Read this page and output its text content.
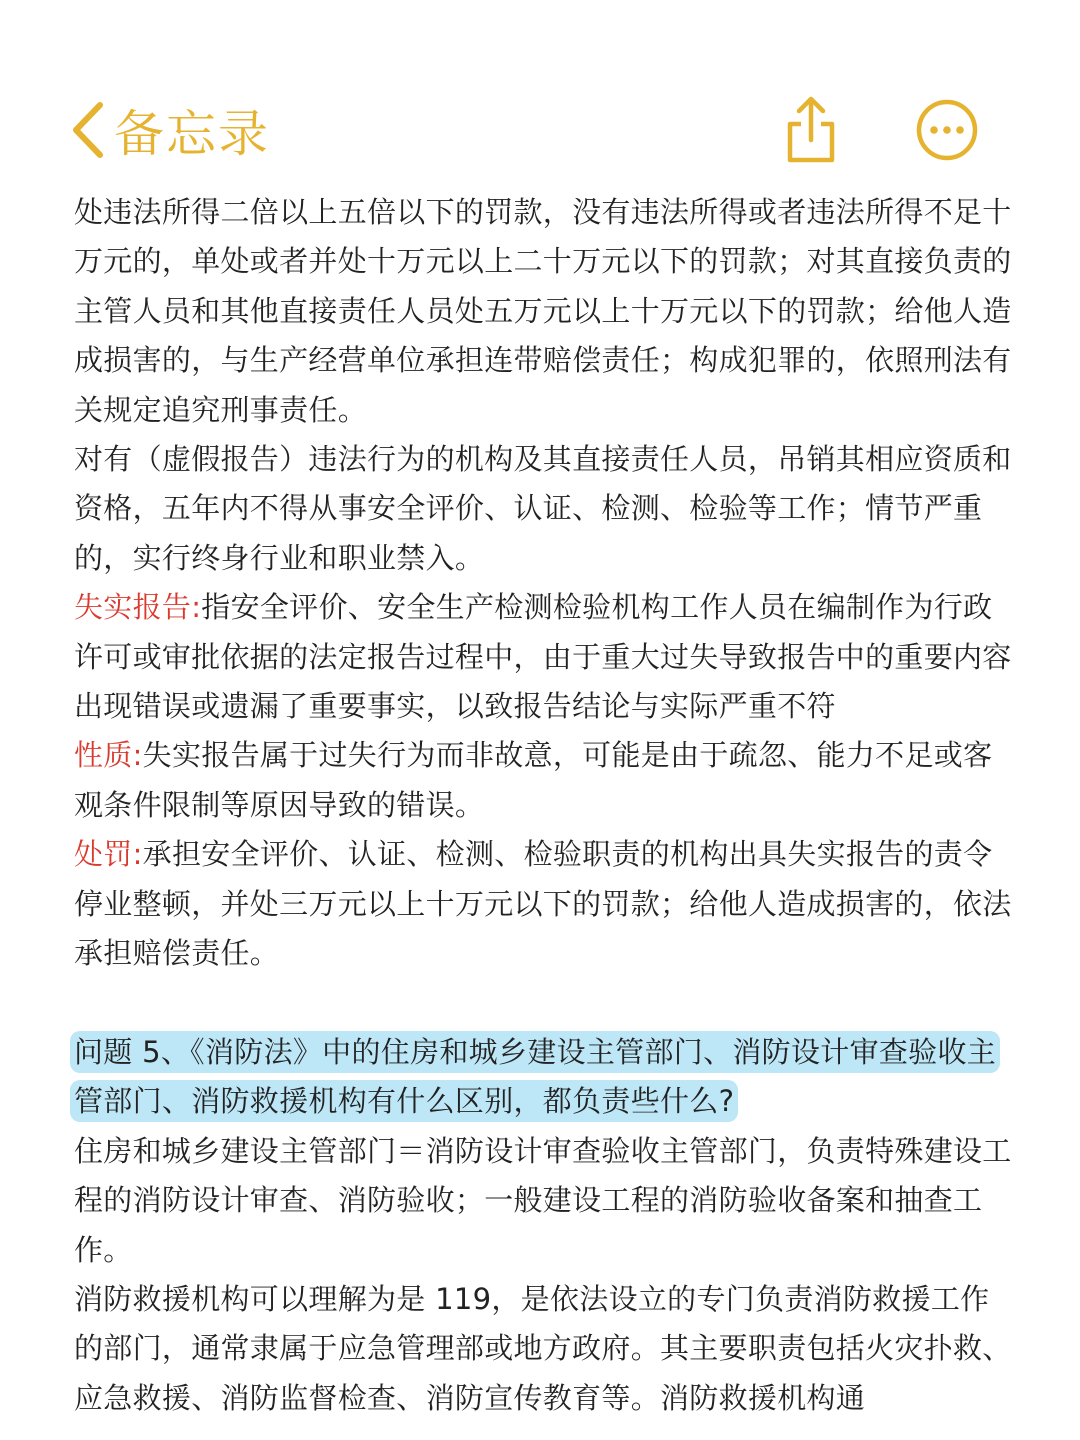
备忘录

处违法所得二倍以上五倍以下的罚款，没有违法所得或者违法所得不足十万元的，单处或者并处十万元以上二十万元以下的罚款；对其直接负责的主管人员和其他直接责任人员处五万元以上十万元以下的罚款；给他人造成损害的，与生产经营单位承担连带赔偿责任；构成犯罪的，依照刑法有关规定追究刑事责任。

对有（虚假报告）违法行为的机构及其直接责任人员，吊销其相应资质和资格，五年内不得从事安全评价、认证、检测、检验等工作；情节严重的，实行终身行业和职业禁入。

失实报告:指安全评价、安全生产检测检验机构工作人员在编制作为行政许可或审批依据的法定报告过程中，由于重大过失导致报告中的重要内容出现错误或遗漏了重要事实，以致报告结论与实际严重不符

性质:失实报告属于过失行为而非故意，可能是由于疏忽、能力不足或客观条件限制等原因导致的错误。

处罚:承担安全评价、认证、检测、检验职责的机构出具失实报告的责令停业整顿，并处三万元以上十万元以下的罚款；给他人造成损害的，依法承担赔偿责任。

问题 5、《消防法》中的住房和城乡建设主管部门、消防设计审查验收主管部门、消防救援机构有什么区别，都负责些什么?

住房和城乡建设主管部门＝消防设计审查验收主管部门，负责特殊建设工程的消防设计审查、消防验收；一般建设工程的消防验收备案和抽查工作。

消防救援机构可以理解为是 119，是依法设立的专门负责消防救援工作的部门，通常隶属于应急管理部或地方政府。其主要职责包括火灾扑救、应急救援、消防监督检查、消防宣传教育等。消防救援机构通
